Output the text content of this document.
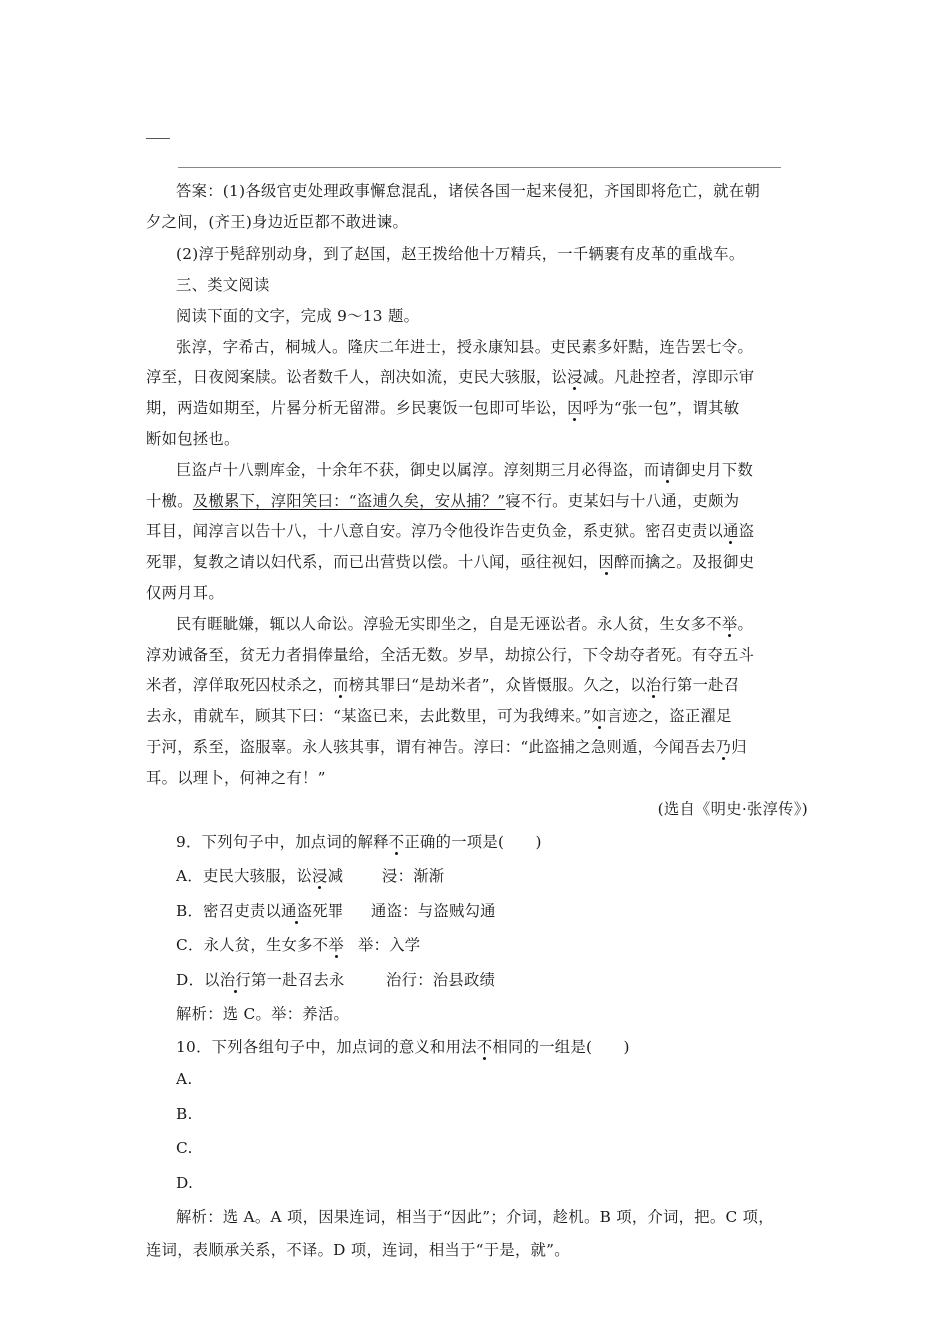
答案：(1)各级官吏处理政事懈怠混乱，诸侯各国一起来侵犯，齐国即将危亡，就在朝

夕之间，(齐王)身边近臣都不敢进谏。

(2)淳于髡辞别动身，到了赵国，赵王拨给他十万精兵，一千辆裹有皮革的重战车。

三、类文阅读

阅读下面的文字，完成 9～13 题。

张淳，字希古，桐城人。隆庆二年进士，授永康知县。吏民素多奸黠，连告罢七令。

淳至，日夜阅案牍。讼者数千人，剖决如流，吏民大骇服，讼浸减。凡赴控者，淳即示审

期，两造如期至，片晷分析无留滞。乡民裹饭一包即可毕讼，因呼为“张一包”，谓其敏

断如包拯也。

巨盗卢十八剽库金，十余年不获，御史以属淳。淳刻期三月必得盗，而请御史月下数

十檄。及檄累下，淳阳笑曰：“盗逋久矣，安从捕？”寝不行。吏某妇与十八通，吏颇为

耳目，闻淳言以告十八，十八意自安。淳乃令他役诈告吏负金，系吏狱。密召吏责以通盗

死罪，复教之请以妇代系，而已出营赀以偿。十八闻，亟往视妇，因醉而擒之。及报御史

仅两月耳。

民有睚眦嫌，辄以人命讼。淳验无实即坐之，自是无诬讼者。永人贫，生女多不举。

淳劝诫备至，贫无力者捐俸量给，全活无数。岁旱，劫掠公行，下令劫夺者死。有夺五斗

米者，淳佯取死囚杖杀之，而榜其罪曰“是劫米者”，众皆慑服。久之，以治行第一赴召

去永，甫就车，顾其下曰：“某盗已来，去此数里，可为我缚来。”如言迹之，盗正濯足

于河，系至，盗服辜。永人骇其事，谓有神告。淳曰：“此盗捕之急则遁，今闻吾去乃归

耳。以理卜，何神之有！”

(选自《明史·张淳传》)

9．下列句子中，加点词的解释不正确的一项是(　　)

A．吏民大骇服，讼浸减	浸：渐渐

B．密召吏责以通盗死罪 通盗：与盗贼勾通

C．永人贫，生女多不举 举：入学

D．以治行第一赴召去永	治行：治县政绩

解析：选 C。举：养活。

10．下列各组句子中，加点词的意义和用法不相同的一组是(　　)

A.

B.

C.

D.

解析：选 A。A 项，因果连词，相当于“因此”；介词，趁机。B 项，介词，把。C 项，

连词，表顺承关系，不译。D 项，连词，相当于“于是，就”。
